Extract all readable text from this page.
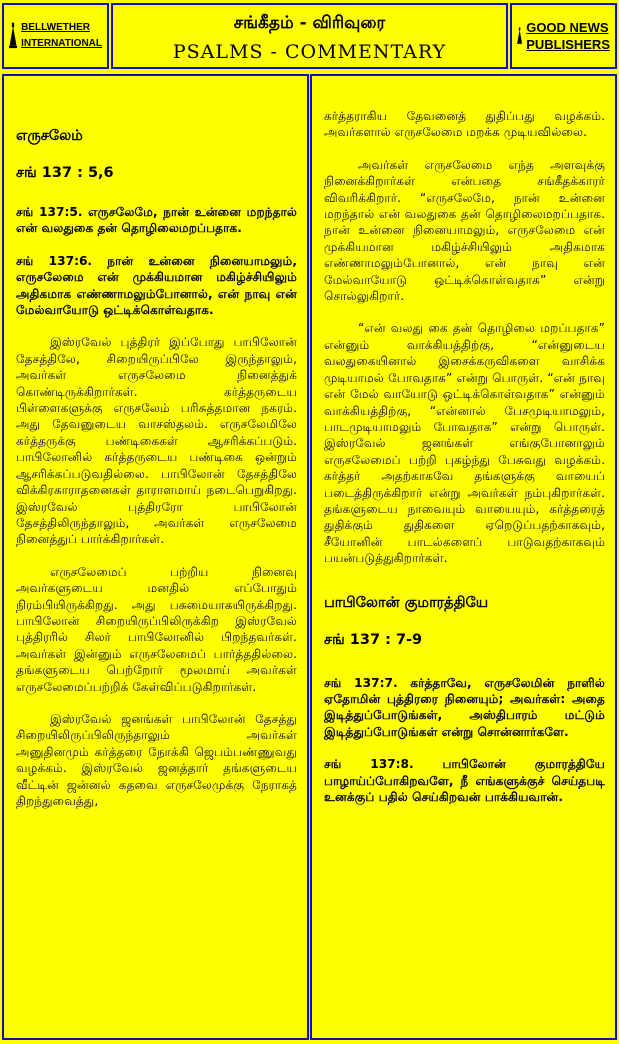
BELLWETHER
INTERNATIONAL
சங்கீதம் - விரிவுரை
PSALMS - COMMENTARY
GOOD NEWS
PUBLISHERS

எருசலேம்

சங் 137 : 5,6

சங் 137:5. எருசலேமே, நான் உன்னை மறந்தால் என் வலதுகை தன் தொழிலைமறப்பதாக.

சங் 137:6. நான் உன்னை நினையாமலும், எருசலேமை என் முக்கியமான மகிழ்ச்சியிலும் அதிகமாக எண்ணாமலும்போனால், என் நாவு என் மேல்வாயோடு ஒட்டிக்கொள்வதாக.

இஸ்ரவேல் புத்திரர் இப்போது பாபிலோன் தேசத்திலே, சிறையிருப்பிலே இருந்தாலும், அவர்கள் எருசலேமை நினைத்துக் கொண்டிருக்கிறார்கள். கர்த்தருடைய பிள்ளைகளுக்கு எருசலேம் பரிசுத்தமான நகரம். அது தேவனுடைய வாசஸ்தலம். எருசலேமிலே கர்த்தருக்கு பண்டிகைகள் ஆசரிக்கப்படும். பாபிலோனில் கர்த்தருடைய பண்டிகை ஒன்றும் ஆசரிக்கப்படுவதில்லை. பாபிலோன் தேசத்திலே விக்கிரகாராதனைகள் தாராளமாய் நடைபெறுகிறது. இஸ்ரவேல் புத்திரரோ பாபிலோன் தேசத்திலிருந்தாலும், அவர்கள் எருசலேமை நினைத்துப் பார்க்கிறார்கள்.

எருசலேமைப் பற்றிய நினைவு அவர்களுடைய மனதில் எப்போதும் நிரம்பியிருக்கிறது. அது பசுமையாகயிருக்கிறது. பாபிலோன் சிறையிருப்பிலிருக்கிற இஸ்ரவேல் புத்திரரில் சிலர் பாபிலோனில் பிறந்தவர்கள். அவர்கள் இன்னும் எருசலேமைப் பார்த்ததில்லை. தங்களுடைய பெற்றோர் மூலமாய் அவர்கள் எருசலேமைப்பற்றிக் கேள்விப்படுகிறார்கள்.

இஸ்ரவேல் ஜனங்கள் பாபிலோன் தேசத்து சிறையிலிருப்பிலிருந்தாலும் அவர்கள் அனுதினமும் கர்த்தரை நோக்கி ஜெபம்பண்ணுவது வழக்கம். இஸ்ரவேல் ஜனத்தார் தங்களுடைய வீட்டின் ஜன்னல் கதவை எருசலேமுக்கு நேராகத் திறந்துவைத்து,

கர்த்தராகிய தேவனைத் துதிப்பது வழக்கம். அவர்களால் எருசலேமை மறக்க முடியவில்லை.

அவர்கள் எருசலேமை எந்த அளவுக்கு நினைக்கிறார்கள் என்பதை சங்கீதக்காரர் விவரிக்கிறார். “எருசலேமே, நான் உன்னை மறந்தால் என் வலதுகை தன் தொழிலைமறப்பதாக. நான் உன்னை நினையாமலும், எருசலேமை என் முக்கியமான மகிழ்ச்சியிலும் அதிகமாக எண்ணாமலும்போனால், என் நாவு என் மேல்வாயோடு ஒட்டிக்கொள்வதாக” என்று சொல்லுகிறார்.

“என் வலது கை தன் தொழிலை மறப்பதாக” என்னும் வாக்கியத்திற்கு, “என்னுடைய வலதுகையினால் இசைக்கருவிகளை வாசிக்க முடியாமல் போவதாக” என்று பொருள். “என் நாவு என் மேல் வாயோடு ஒட்டிக்கொள்வதாக” என்னும் வாக்கியத்திற்கு, “என்னால் பேசமுடியாமலும், பாடமுடியாமலும் போவதாக” என்று பொருள். இஸ்ரவேல் ஜனங்கள் எங்குபோனாலும் எருசலேமைப் பற்றி புகழ்ந்து பேசுவது வழக்கம். கர்த்தர் அதற்காகவே தங்களுக்கு வாயைப் படைத்திருக்கிறார் என்று அவர்கள் நம்புகிறார்கள். தங்களுடைய நாவையும் வாயையும், கர்த்தரைத் துதிக்கும் துதிகளை ஏறெடுப்பதற்காகவும், சீயோனின் பாடல்களைப் பாடுவதற்காகவும் பயன்படுத்துகிறார்கள்.

பாபிலோன் குமாரத்தியே

சங் 137 : 7-9

சங் 137:7. கர்த்தாவே, எருசலேமின் நாளில் ஏதோமின் புத்திரரை நினையும்; அவர்கள்: அதை இடித்துப்போடுங்கள், அஸ்திபாரம் மட்டும் இடித்துப்போடுங்கள் என்று சொன்னார்களே.

சங் 137:8. பாபிலோன் குமாரத்தியே பாழாய்ப்போகிறவளே, நீ எங்களுக்குச் செய்தபடி உனக்குப் பதில் செய்கிறவன் பாக்கியவான்.
